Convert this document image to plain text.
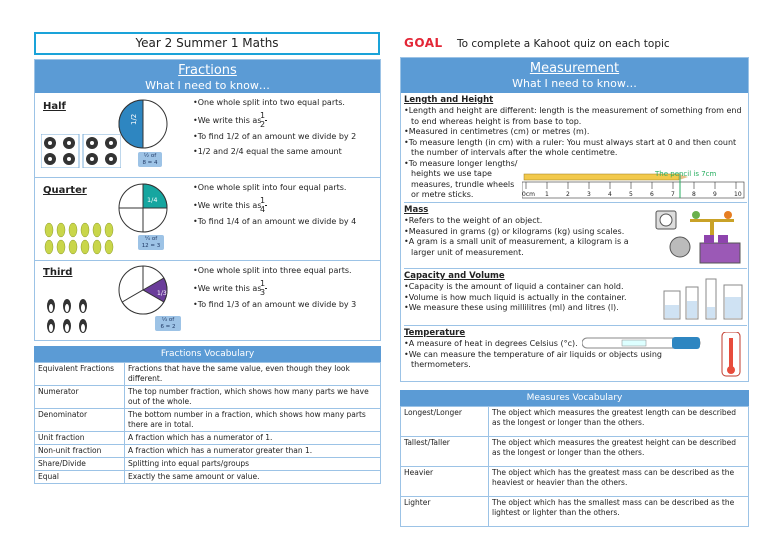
Year 2 Summer 1 Maths	GOAL To complete a Kahoot quiz on each topic
Fractions
What I need to know…
Half
1/2
½ of
8 = 4
• One whole split into two equal parts.
• We write this as $\frac{1}{2}$
• To find 1/2 of an amount we divide by 2
• 1/2 and 2/4 equal the same amount
Quarter
1/4
¼ of
12 = 3
• One whole split into four equal parts.
• We write this as $\frac{1}{4}$
• To find 1/4 of an amount we divide by 4
Third
1/3
⅓ of
6 = 2
• One whole split into three equal parts.
• We write this as $\frac{1}{3}$
• To find 1/3 of an amount we divide by 3
Fractions Vocabulary
Equivalent Fractions	Fractions that have the same value, even though they look different.
Numerator	The top number fraction, which shows how many parts we have out of the whole.
Denominator	The bottom number in a fraction, which shows how many parts there are in total.
Unit fraction	A fraction which has a numerator of 1.
Non-unit fraction	A fraction which has a numerator greater than 1.
Share/Divide	Splitting into equal parts/groups
Equal	Exactly the same amount or value.
Measurement
What I need to know…
Length and Height
• Length and height are different: length is the measurement of something from end to end whereas height is from base to top.
• Measured in centimetres (cm) or metres (m).
• To measure length (in cm) with a ruler: You must always start at 0 and then count the number of intervals after the whole centimetre.
• To measure longer lengths/ heights we use tape measures, trundle wheels or metre sticks.
The pencil is 7cm
0cm 1	2	3	4	5	6	7	8	9	10
Mass
• Refers to the weight of an object.
• Measured in grams (g) or kilograms (kg) using scales.
• A gram is a small unit of measurement, a kilogram is a larger unit of measurement.
Capacity and Volume
• Capacity is the amount of liquid a container can hold.
• Volume is how much liquid is actually in the container.
• We measure these using millilitres (ml) and litres (l).
Temperature
• A measure of heat in degrees Celsius (°c).
• We can measure the temperature of air liquids or objects using thermometers.
Measures Vocabulary
Longest/Longer	The object which measures the greatest length can be described as the longest or longer than the others.
Tallest/Taller	The object which measures the greatest height can be described as the longest or longer than the others.
Heavier	The object which has the greatest mass can be described as the heaviest or heavier than the others.
Lighter	The object which has the smallest mass can be described as the lightest or lighter than the others.
